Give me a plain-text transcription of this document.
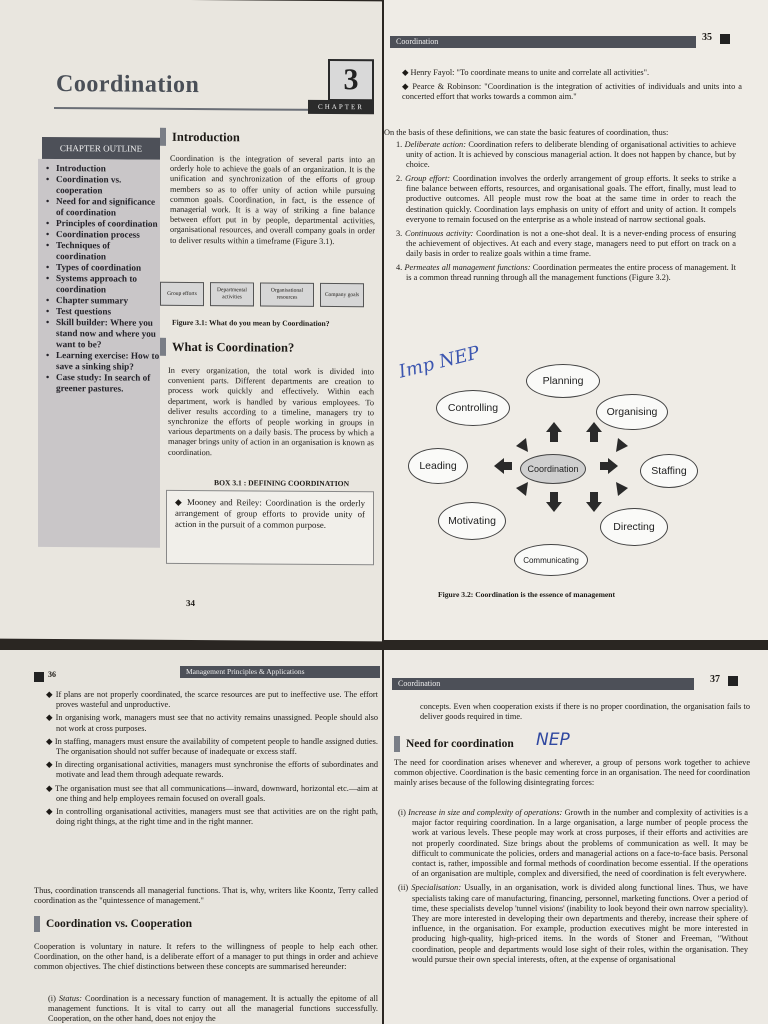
Coordination	3
CHAPTER
CHAPTER OUTLINE
• Introduction
• Coordination vs. cooperation
• Need for and significance of coordination
• Principles of coordination
• Coordination process
• Techniques of coordination
• Types of coordination
• Systems approach to coordination
• Chapter summary
• Test questions
• Skill builder: Where you stand now and where you want to be?
• Learning exercise: How to save a sinking ship?
• Case study: In search of greener pastures.
Introduction
Coordination is the integration of several parts into an orderly hole to achieve the goals of an organization. It is the unification and synchronization of the efforts of group members so as to offer unity of action while pursuing common goals. Coordination, in fact, is the essence of managerial work. It is a way of striking a fine balance between effort put in by people, departmental activities, organisational resources, and overall company goals in order to deliver results within a timeframe (Figure 3.1).
Group efforts
Departmental activities
Organisational resources	Company goals
Figure 3.1: What do you mean by Coordination?
What is Coordination?
In every organization, the total work is divided into convenient parts. Different departments are creation to process work quickly and effectively. Within each department, work is handled by various employees. To deliver results according to a timeline, managers try to synchronize the efforts of people working in groups in various departments on a daily basis. The process by which a manager brings unity of action in an organisation is known as coordination.
BOX 3.1 : DEFINING COORDINATION
◆ Mooney and Reiley: Coordination is the orderly arrangement of group efforts to provide unity of action in the pursuit of a common purpose.
34
Coordination	35
◆ Henry Fayol: "To coordinate means to unite and correlate all activities".
◆ Pearce & Robinson: "Coordination is the integration of activities of individuals and units into a concerted effort that works towards a common aim."
On the basis of these definitions, we can state the basic features of coordination, thus:
1. Deliberate action: Coordination refers to deliberate blending of organisational activities to achieve unity of action. It is achieved by conscious managerial action. It does not happen by chance, but by choice.
2. Group effort: Coordination involves the orderly arrangement of group efforts. It seeks to strike a fine balance between efforts, resources, and organisational goals. The effort, finally, must lead to productive outcomes. All people must row the boat at the same time in order to reach the destination quickly. Coordination lays emphasis on unity of effort and unity of action. It compels everyone to remain focused on the enterprise as a whole instead of narrow sectional goals.
3. Continuous activity: Coordination is not a one-shot deal. It is a never-ending process of ensuring the achievement of objectives. At each and every stage, managers need to put effort on track on a daily basis in order to realize goals within a time frame.
4. Permeates all management functions: Coordination permeates the entire process of management. It is a common thread running through all the management functions (Figure 3.2).
Imp NEP	Planning
Controlling	Organising
Leading	Coordination	Staffing
Motivating	Directing
Communicating
Figure 3.2: Coordination is the essence of management
36	Management Principles & Applications
◆ If plans are not properly coordinated, the scarce resources are put to ineffective use. The effort proves wasteful and unproductive.
◆ In organising work, managers must see that no activity remains unassigned. People should also not work at cross purposes.
◆ In staffing, managers must ensure the availability of competent people to handle assigned duties. The organisation should not suffer because of inadequate or excess staff.
◆ In directing organisational activities, managers must synchronise the efforts of subordinates and motivate and lead them through adequate rewards.
◆ The organisation must see that all communications—inward, downward, horizontal etc.—aim at one thing and help employees remain focused on overall goals.
◆ In controlling organisational activities, managers must see that activities are on the right path, doing right things, at the right time and in the right manner.
Thus, coordination transcends all managerial functions. That is, why, writers like Koontz, Terry called coordination as the "quintessence of management."
Coordination vs. Cooperation
Cooperation is voluntary in nature. It refers to the willingness of people to help each other. Coordination, on the other hand, is a deliberate effort of a manager to put things in order and achieve common objectives. The chief distinctions between these concepts are summarised hereunder:
(i) Status: Coordination is a necessary function of management. It is actually the epitome of all management functions. It is vital to carry out all the managerial functions successfully. Cooperation, on the other hand, does not enjoy the
Coordination	37
concepts. Even when cooperation exists if there is no proper coordination, the organisation fails to deliver goods required in time.
Need for coordination NEP
The need for coordination arises whenever and wherever, a group of persons work together to achieve common objective. Coordination is the basic cementing force in an organisation. The need for coordination mainly arises because of the following disintegrating forces:
(i) Increase in size and complexity of operations: Growth in the number and complexity of activities is a major factor requiring coordination. In a large organisation, a large number of people process the work at various levels. These people may work at cross purposes, if their efforts and activities are not properly coordinated. Size brings about the problems of communication as well. It may be difficult to communicate the policies, orders and managerial actions on a face-to-face basis. Personal contact is, rather, impossible and formal methods of coordination become essential. If the operations of an organisation are multiple, complex and diversified, the need of coordination is felt everywhere.
(ii) Specialisation: Usually, in an organisation, work is divided along functional lines. Thus, we have specialists taking care of manufacturing, financing, personnel, marketing functions. Over a period of time, these specialists develop 'tunnel visions' (inability to look beyond their own narrow speciality). They are more interested in developing their own departments and thereby, increase their sphere of influence, in the organisation. For example, production executives might be more interested in producing high-quality, high-priced items. In the words of Stoner and Freeman, "Without coordination, people and departments would lose sight of their roles, within the organisation. They would pursue their own special interests, often, at the expense of organisational
